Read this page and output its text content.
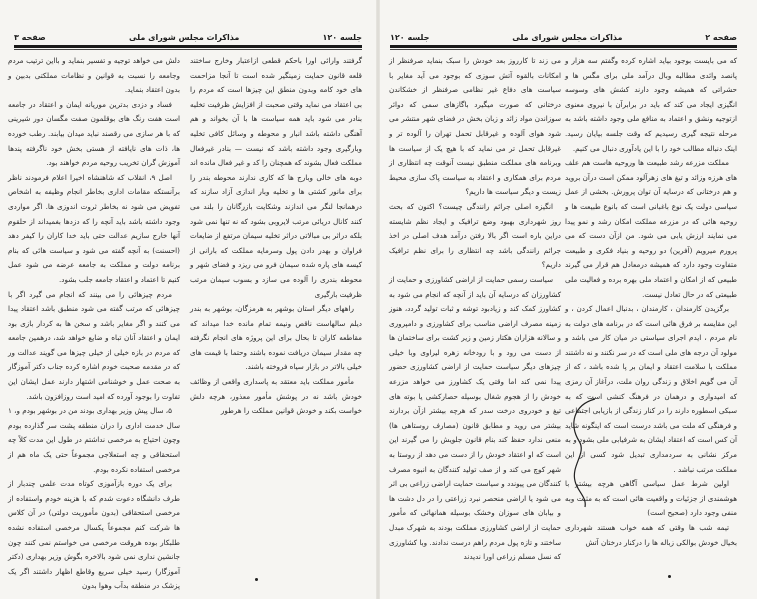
جلسه ۱۲۰
مذاکرات مجلس شورای ملی
صفحه ۳

گرفتند وارائی اورا باحکم قطعی ازاعتبار وخارج ساختند قلعه قانون حمایت زمینگیر شده است تا آنجا مزاحمت های خود کامه وبدون منطق این چیزها است که مردم را بی اعتقاد می نماید وقتی صحبت از افزایش ظرفیت تخلیه بنادر می شود باید همه سیاست ها با آن بخواند و هم آهنگی داشته باشد انبار و محوطه و وسائل کافی تخلیه وبارگیری وجود داشته باشد که نیست — بنادر غیرفعال مملکت فعال بشوند که همچنان را کد و غیر فعال مانده اند دوبه های خالی وبارج ها که کاری ندارند محوطه بندر را برای مانور کشتی ها و تخلیه وبار اندازی آزاد سازند که درهمانجا لنگر می اندازند وشکایت بازرگانان را بلند می کنند کانال دریائی مرتب لایروبی بشود که نه تنها نمی شود بلکه دراثر بی مبالاتی دراثر تخلیه سیمان مرتفع از ضایعات فراوان و بهدر دادن پول وسرمایه مملکت که بارانی از کیسه های پاره شده سیمان فرو می ریزد و فضای شهر و محوطه بندری را آلوده می سازد و بسوب سیمان مرتب ظرفیت بارگیری

راههای دیگر استان بوشهر به هرمزگان، بوشهر به بندر دیلم سالهاست ناقص ونیمه تمام مانده خدا میداند که مقاطعه کاران تا بحال برای این پروژه های انجام نگرفته چه مقدار سیمان دریافت نموده باشند وحتما با قیمت های خیلی بالاتر در بازار سیاه فروخته باشند.

مأمور مملکت باید معتقد به پاسداری واقعی از وظائف خودش باشد نه در پوشش مأمور معذور، هرچه دلش خواست بکند و خودش قوانین مملکت را هرطور

دلش می خواهد توجیه و تفسیر بنماید و بااین ترتیب مردم وجامعه را نسبت به قوانین و نظامات مملکتی بدبین و بدون اعتقاد بنماید.

فساد و دزدی بدترین موریانه ایمان و اعتقاد در جامعه است هفت رنگ های بوقلمون صفت مگسان دور شیرینی که با هر سازی می رقصند نباید میدان بیابند. رطب خورده ها، ذات های نایافته از هستی بخش خود ناگرفته پندها آموزش گران تخریب روحیه مردم خواهند بود.

اصل ۹، انقلاب که شاهنشاه اخیرا اعلام فرمودند ناظر برآنستکه مقامات اداری بخاطر انجام وظیفه به اشخاص تفویض می شود نه بخاطر ثروت اندوزی ها. اگر مواردی وجود داشته باشد باید آنچه را که دزدها بغمیداند از حلقوم آنها خارج سازیم عدالت حتی باید خدا کاران را کیفر دهد (احسنت) به آنچه گفته می شود و سیاست هائی که بنام برنامه دولت و مملکت به جامعه عرضه می شود عمل کنیم تا اعتماد و اعتقاد جامعه جلب بشود.

مردم چیزهائی را می بینند که انجام می گیرد اگر با چیزهائی که مرتب گفته می شود منطبق باشد اعتقاد پیدا می کنند و اگر مغایر باشد و سخن ها به کردار بازی بود ایمان و اعتقاد آنان تباه و ضایع خواهد شد، درهمین جامعه که مردم در بازه خیلی از خیلی چیزها می گویند عدالت ور که در مقدمه صحبت خودم اشاره کرده جناب دکتر آموزگار به صحت عمل و خوشنامی اشتهار دارند عمل ایشان این تفاوت را بوجود آورده که امید است روزافزون باشد.

۵، سال پیش وزیر بهداری بودند من در بوشهر بودم و، ۱ سال خدمت اداری را دران منطقه پشت سر گذارده بودم وچون احتیاج به مرخصی نداشتم در طول این مدت کلاً چه استحقاقی و چه استعلاجی مجموعاً حتی یک ماه هم از مرخصی استفاده نکرده بودم.

برای یک دوره بازآموزی کوتاه مدت علمی چندبار از طرف دانشگاه دعوت شدم که با هزینه خودم واستفاده از مرخصی استحقاقی (بدون مأموریت دولتی) در آن کلاس ها شرکت کنم مجموعاً یکسال مرخصی استفاده نشده طلبکار بوده هروقت مرخصی می خواستم نمی کنند چون جانشین نداری نمی شود بالاخره بگوش وزیر بهداری (دکتر آموزگار) رسید خیلی سریع وقاطع اظهار داشتند اگر یک پزشک در منطقه بدآب وهوا بدون

صفحه ۲
مذاکرات مجلس شورای ملی
جلسه ۱۲۰

که می بایست بوجود بیاید اشاره کرده وگفتم سه هزار و پانصد وائدی مطالبه وبال درآمد ملی برای مگس ها و حشراتی که همیشه وجود دارند کشش های وسوسه انگیزی ایجاد می کند که باید در برابرآن با نیروی معنوی ازتوجیه ونشق و اعتماد به منافع ملی وجود داشته باشد به مرحله نتیجه گیری رسیدیم که وقت جلسه بپایان رسید. اینک دنباله مطالب خود را با این یادآوری دنبال می کنیم.

مملکت مزرعه رشد طبیعت ها وروحیه هاست هم علف های هرزه وزائد و تیغ های زهرآلود ممکن است درآن بروید و هم درختانی که درسایه آن توان پرورش. بخشی از عمل سیاسی دولت یک نوع باغبانی است که بانوع طبیعت ها و روحیه هائی که در مزرعه مملکت امکان رشد و نمو پیدا می نمایند ارزش یابی می شود. من ازآن دست که می پرورم میرویم (آفرین) دو روحیه و بنیاد فکری و طبیعت متفاوت وجود دارد که همیشه درمعادل هم قرار می گیرند طبیعی که از امکان و اعتماد ملی بهره برده و فعالیت ملی طبیعتی که در حال تعادل نیست.

برگزیدن کارمندان ، کارمندان ، بدنبال اعمال کردن ، و این مقایسه بر فرق هائی است که در برنامه های دولت به نام مردم ، ایدم اجرای سیاستی در میان کار می باشد و مولود آن درجه های ملی است که در سر نکنند و نه داشتند مملکت با سلامت اعتقاد و ایمان بر پا شده باشد ، که از آن می گویم اخلاق و زندگی روان ملت، درآغاز آن رمزی که امیدواری و درهمان در فرهنگ کنشی است که به سبکی اسطوره دارند را در کنار زندگی از بازیابی اجتماعی و فرهنگی که ملت می باشد درست است که اینگونه شاید آن کس است که اعتقاد ایشان به شرفیابی ملی بشود و به مرکز نشانی به سردمداری تبدیل شود کسی از این مملکت مرتب نباشد .

اولین شرط عمل سیاسی آگاهی هرچه بیشتر با هوشمندی از جزئیات و واقعیت هائی است که به مثبت وبه منفی وجود دارد (صحیح است)

تیمه شب ها وقتی که همه خواب هستند شهرداری بخیال خودش بوالکی زباله ها را درکنار درختان آتش

می زند تا کارروز بعد خودش را سبک بنماید صرفنظر از امکانات بالقوه آتش سوزی که بوجود می آید مغایر با سیاست های دفاع غیر نظامی صرفنظر از خشکاندن درختانی که صورت میگیرد باگازهای سمی که دوائر سوزاندن مواد زائد و زبان بخش در فضای شهر منتشر می شود هوای آلوده و غیرقابل تحمل تهران را آلوده تر و غیرقابل تحمل تر می نماید که با هیچ یک از سیاست ها وبرنامه های مملکت منطبق نیست آنوقت چه انتظاری از مردم برای همکاری و اعتقاد به سیاست پاک سازی محیط زیست و دیگر سیاست ها داریم؟

انگیزه اصلی جرائم رانندگی چیست؟ اکنون که بحث روز شهرداری بهبود وضع ترافیک و ایجاد نظم شایسته دراین باره است اگر بالا رفتن درآمد هدف اصلی در اخذ جرائم رانندگی باشد چه انتظاری را برای نظم ترافیک داریم؟

سیاست رسمی حمایت از اراضی کشاورزی و حمایت از کشاورزان که درسایه آن باید از آنچه که انجام می شود به کشاورز کمک کند و زیادبود توشه و ثبات تولید گردد، هنوز زمینه مصرف اراضی مناسب برای کشاورزی و دامپروری و سالانه هزاران هکتار زمین و زیر کشت برای ساختمان ها از دست می رود و با رودخانه زهره لیراوی وبا خیلی چیزهای دیگر سیاست حمایت از اراضی کشاورزی حضور پیدا نمی کند اما وقتی یک کشاورز می خواهد مزرعه خودش را از هجوم شغال بوسیله حصارکشی یا بوته های تیغ و خودروی درخت سدر که هرچه بیشتر ازآن بردارند بیشتر می روید و مطابق قانون (مصارف روستاهی ها) منعی ندارد حفظ کند بنام قانون جلویش را می گیرند این است که او اعتقاد خودش را از دست می دهد از روستا به شهر کوچ می کند و از صف تولید کنندگان به انبوه مصرف کنندگان می پیوندد و سیاست حمایت اراضی زراعی بی اثر می شود یا اراضی منحصر نبرد زراعتی را در دل دشت ها و بیابان های سوزان وخشک بوسیله همانهائی که مأمور حمایت از اراضی کشاورزی مملکت بودند به شهرک مبدل ساختند و تازه پول مردم راهم درست ندادند. وبا کشاورزی که نسل مسلم زراعی اورا ندیدند
